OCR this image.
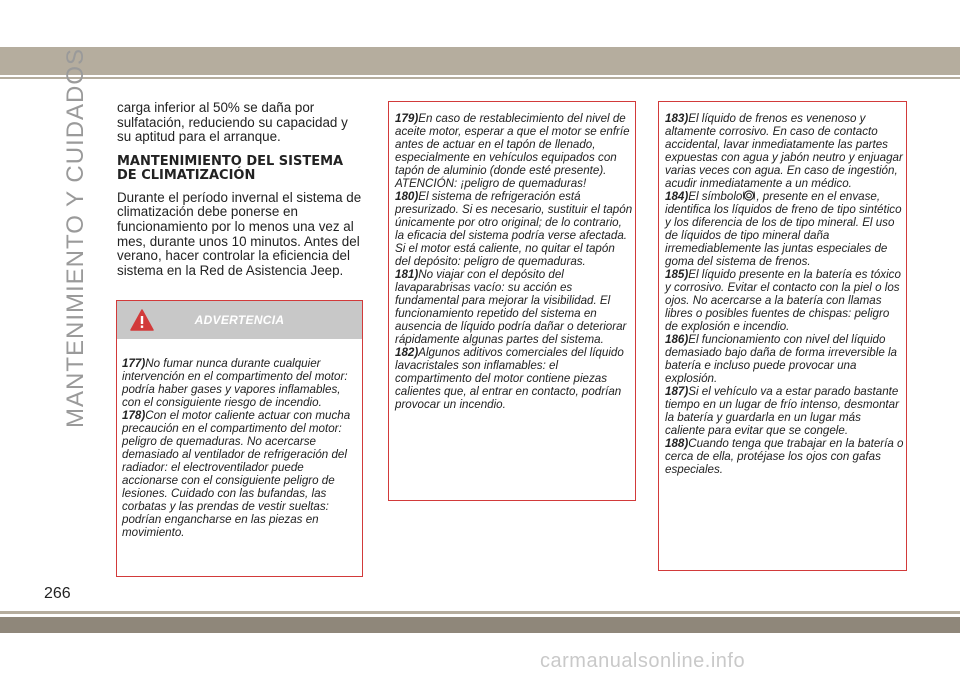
MANTENIMIENTO Y CUIDADOS carga inferior al 50% se daña por sulfatación, reduciendo su capacidad y su aptitud para el arranque.

MANTENIMIENTO DEL SISTEMA
DE CLIMATIZACIÓN

Durante el período invernal el sistema de climatización debe ponerse en funcionamiento por lo menos una vez al mes, durante unos 10 minutos. Antes del verano, hacer controlar la eficiencia del sistema en la Red de Asistencia Jeep.

ADVERTENCIA
177)No fumar nunca durante cualquier intervención en el compartimento del motor: podría haber gases y vapores inflamables, con el consiguiente riesgo de incendio.
178)Con el motor caliente actuar con mucha precaución en el compartimento del motor: peligro de quemaduras. No acercarse demasiado al ventilador de refrigeración del radiador: el electroventilador puede accionarse con el consiguiente peligro de lesiones. Cuidado con las bufandas, las corbatas y las prendas de vestir sueltas: podrían engancharse en las piezas en movimiento.
179)En caso de restablecimiento del nivel de aceite motor, esperar a que el motor se enfríe antes de actuar en el tapón de llenado, especialmente en vehículos equipados con tapón de aluminio (donde esté presente). ATENCIÓN: ¡peligro de quemaduras!
180)El sistema de refrigeración está presurizado. Si es necesario, sustituir el tapón únicamente por otro original; de lo contrario, la eficacia del sistema podría verse afectada. Si el motor está caliente, no quitar el tapón del depósito: peligro de quemaduras.
181)No viajar con el depósito del lavaparabrisas vacío: su acción es fundamental para mejorar la visibilidad. El funcionamiento repetido del sistema en ausencia de líquido podría dañar o deteriorar rápidamente algunas partes del sistema.
182)Algunos aditivos comerciales del líquido lavacristales son inflamables: el compartimento del motor contiene piezas calientes que, al entrar en contacto, podrían provocar un incendio.
183)El líquido de frenos es venenoso y altamente corrosivo. En caso de contacto accidental, lavar inmediatamente las partes expuestas con agua y jabón neutro y enjuagar varias veces con agua. En caso de ingestión, acudir inmediatamente a un médico.
184)El símbolo , presente en el envase, identifica los líquidos de freno de tipo sintético y los diferencia de los de tipo mineral. El uso de líquidos de tipo mineral daña irremediablemente las juntas especiales de goma del sistema de frenos.
185)El líquido presente en la batería es tóxico y corrosivo. Evitar el contacto con la piel o los ojos. No acercarse a la batería con llamas libres o posibles fuentes de chispas: peligro de explosión e incendio.
186)El funcionamiento con nivel del líquido demasiado bajo daña de forma irreversible la batería e incluso puede provocar una explosión.
187)Si el vehículo va a estar parado bastante tiempo en un lugar de frío intenso, desmontar la batería y guardarla en un lugar más caliente para evitar que se congele.
188)Cuando tenga que trabajar en la batería o cerca de ella, protéjase los ojos con gafas especiales.
266
carmanualsonline.info
